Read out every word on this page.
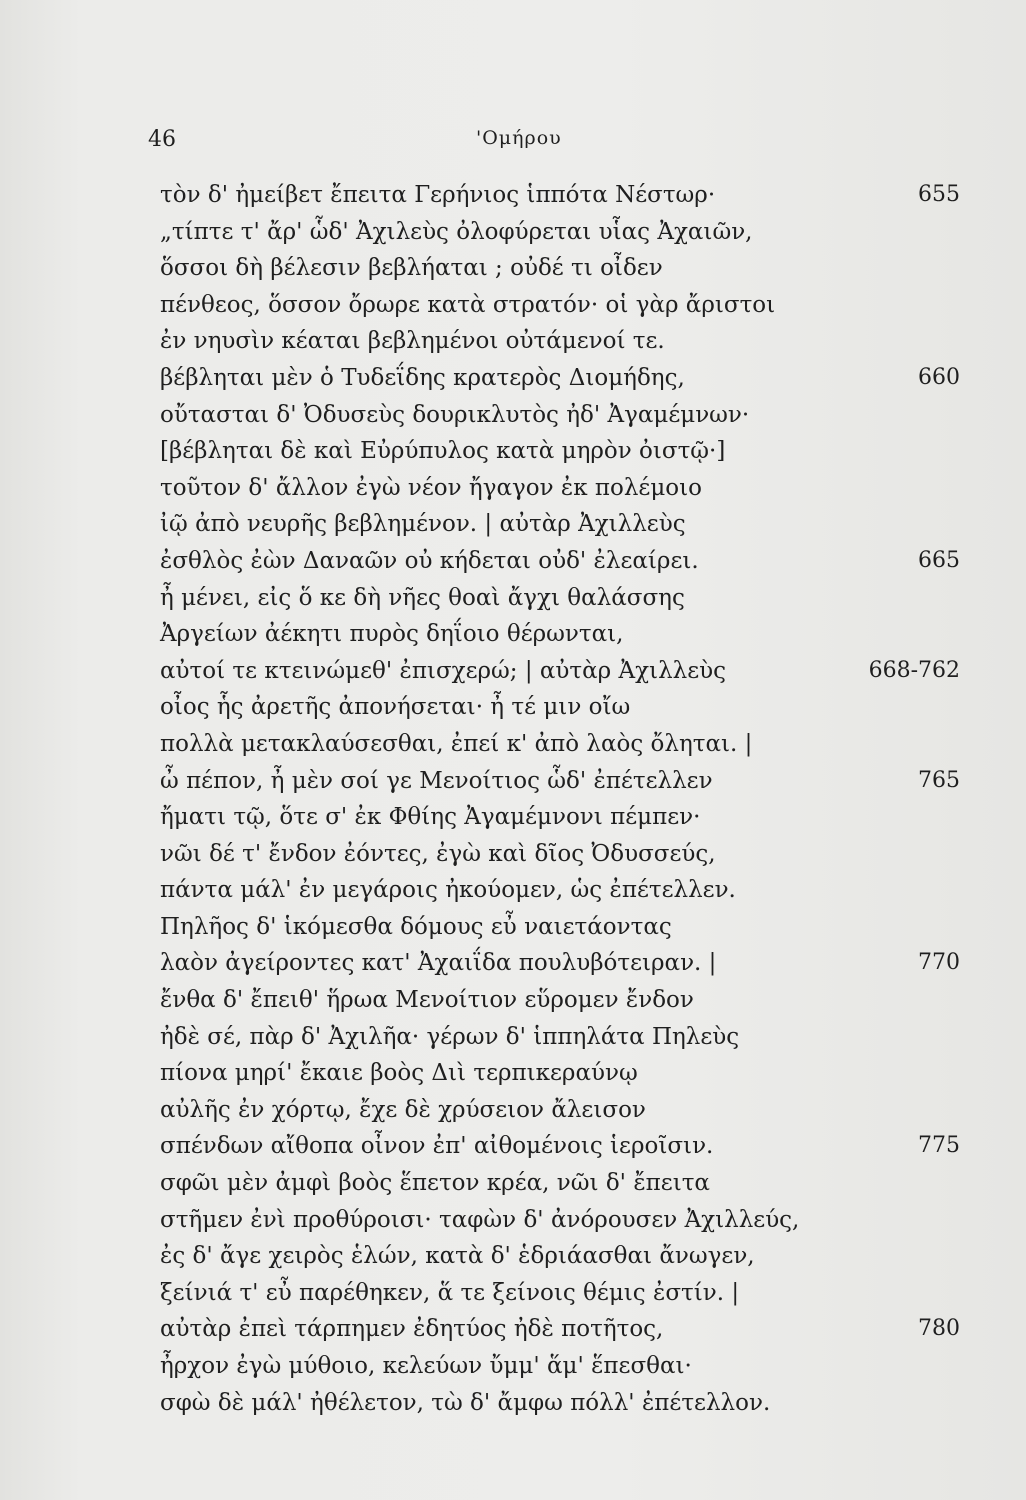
46	'Ομήρου
τὸν δ' ἠμείβετ ἔπειτα Γερήνιος ἱππότα Νέστωρ·	655
„τίπτε τ' ἄρ' ὧδ' Ἀχιλεὺς ὀλοφύρεται υἷας Ἀχαιῶν,
ὅσσοι δὴ βέλεσιν βεβλήαται ; οὐδέ τι οἶδεν
πένθεος, ὅσσον ὄρωρε κατὰ στρατόν· οἱ γὰρ ἄριστοι
ἐν νηυσὶν κέαται βεβλημένοι οὐτάμενοί τε.
βέβληται μὲν ὁ Τυδεΐδης κρατερὸς Διομήδης,	660
οὔτασται δ' Ὀδυσεὺς δουρικλυτὸς ἠδ' Ἀγαμέμνων·
[βέβληται δὲ καὶ Εὐρύπυλος κατὰ μηρὸν ὀιστῷ·]
τοῦτον δ' ἄλλον ἐγὼ νέον ἤγαγον ἐκ πολέμοιο
ἰῷ ἀπὸ νευρῆς βεβλημένον. | αὐτὰρ Ἀχιλλεὺς
ἐσθλὸς ἐὼν Δαναῶν οὐ κήδεται οὐδ' ἐλεαίρει.	665
ἦ μένει, εἰς ὅ κε δὴ νῆες θοαὶ ἄγχι θαλάσσης
Ἀργείων ἀέκητι πυρὸς δηΐοιο θέρωνται,
αὐτοί τε κτεινώμεθ' ἐπισχερώ; | αὐτὰρ Ἀχιλλεὺς	668-762
οἶος ἧς ἀρετῆς ἀπονήσεται· ἦ τέ μιν οἴω
πολλὰ μετακλαύσεσθαι, ἐπεί κ' ἀπὸ λαὸς ὄληται. |
ὦ πέπον, ἦ μὲν σοί γε Μενοίτιος ὧδ' ἐπέτελλεν	765
ἤματι τῷ, ὅτε σ' ἐκ Φθίης Ἀγαμέμνονι πέμπεν·
νῶι δέ τ' ἔνδον ἐόντες, ἐγὼ καὶ δῖος Ὀδυσσεύς,
πάντα μάλ' ἐν μεγάροις ἠκούομεν, ὡς ἐπέτελλεν.
Πηλῆος δ' ἱκόμεσθα δόμους εὖ ναιετάοντας
λαὸν ἀγείροντες κατ' Ἀχαιΐδα πουλυβότειραν. |	770
ἔνθα δ' ἔπειθ' ἥρωα Μενοίτιον εὕρομεν ἔνδον
ἠδὲ σέ, πὰρ δ' Ἀχιλῆα· γέρων δ' ἱππηλάτα Πηλεὺς
πίονα μηρί' ἔκαιε βοὸς Διὶ τερπικεραύνῳ
αὐλῆς ἐν χόρτῳ, ἔχε δὲ χρύσειον ἄλεισον
σπένδων αἴθοπα οἶνον ἐπ' αἰθομένοις ἱεροῖσιν.	775
σφῶι μὲν ἀμφὶ βοὸς ἕπετον κρέα, νῶι δ' ἔπειτα
στῆμεν ἐνὶ προθύροισι· ταφὼν δ' ἀνόρουσεν Ἀχιλλεύς,
ἐς δ' ἄγε χειρὸς ἑλών, κατὰ δ' ἑδριάασθαι ἄνωγεν,
ξείνιά τ' εὖ παρέθηκεν, ἅ τε ξείνοις θέμις ἐστίν. |
αὐτὰρ ἐπεὶ τάρπημεν ἐδητύος ἠδὲ ποτῆτος,	780
ἦρχον ἐγὼ μύθοιο, κελεύων ὔμμ' ἅμ' ἕπεσθαι·
σφὼ δὲ μάλ' ἠθέλετον, τὼ δ' ἄμφω πόλλ' ἐπέτελλον.
